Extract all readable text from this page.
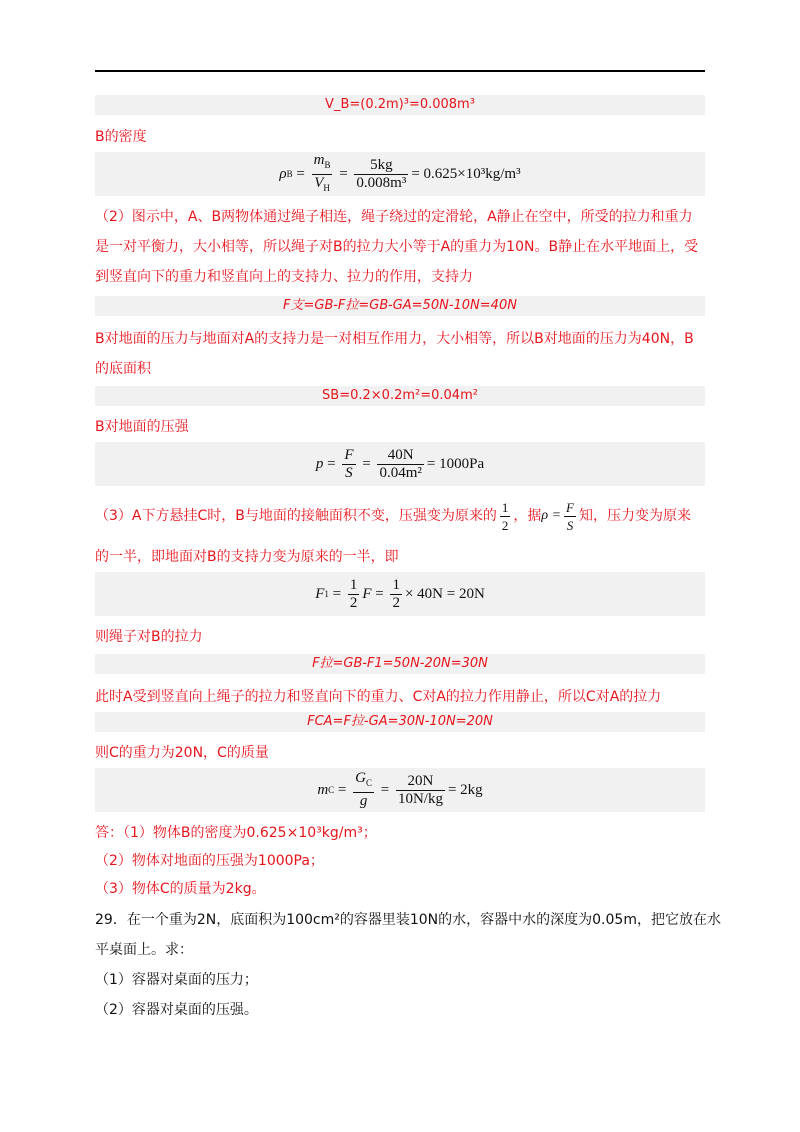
V_B=(0.2m)³=0.008m³
B的密度
ρ $B = \frac{m_B}{V_H} = \frac{5kg}{\text{0.008m³}} = 0.625\times 10^3kg/m^3$
（2）图示中，A、B两物体通过绳子相连，绳子绕过的定滑轮，A静止在空中，所受的拉力和重力
是一对平衡力，大小相等，所以绳子对B的拉力大小等于A的重力为10N。B静止在水平地面上，受
到竖直向下的重力和竖直向上的支持力、拉力的作用，支持力
F支=GB-F拉=GB-GA=50N-10N=40N
B对地面的压力与地面对A的支持力是一对相互作用力，大小相等，所以B对地面的压力为40N，B
的底面积
SB=0.2×0.2m²=0.04m²
B对地面的压强
$p = \frac{F}{S} = \frac{40N}{\text{0.04m²}} = 1000Pa$
（3）A下方悬挂C时，B与地面的接触面积不变，压强变为原来的 $\frac{1}{2}$ ，据 $\rho = \frac{F}{S}$ 知，压力变为原来
的一半，即地面对B的支持力变为原来的一半，即
F $1 = \frac{1}{2}$ $F = \frac{1}{2} \times 40N = 20N$
则绳子对B的拉力
F拉=GB-F1=50N-20N=30N
此时A受到竖直向上绳子的拉力和竖直向下的重力、C对A的拉力作用静止，所以C对A的拉力
FCA=F拉-GA=30N-10N=20N
则C的重力为20N，C的质量
m $C = \frac{G_C}{g} = \frac{20N}{10N/kg} = 2kg$
答：（1）物体B的密度为0.625×10³kg/m³；
（2）物体对地面的压强为1000Pa；
（3）物体C的质量为2kg。
29．在一个重为2N，底面积为100cm²的容器里装10N的水，容器中水的深度为0.05m，把它放在水
平桌面上。求：
（1）容器对桌面的压力；
（2）容器对桌面的压强。
